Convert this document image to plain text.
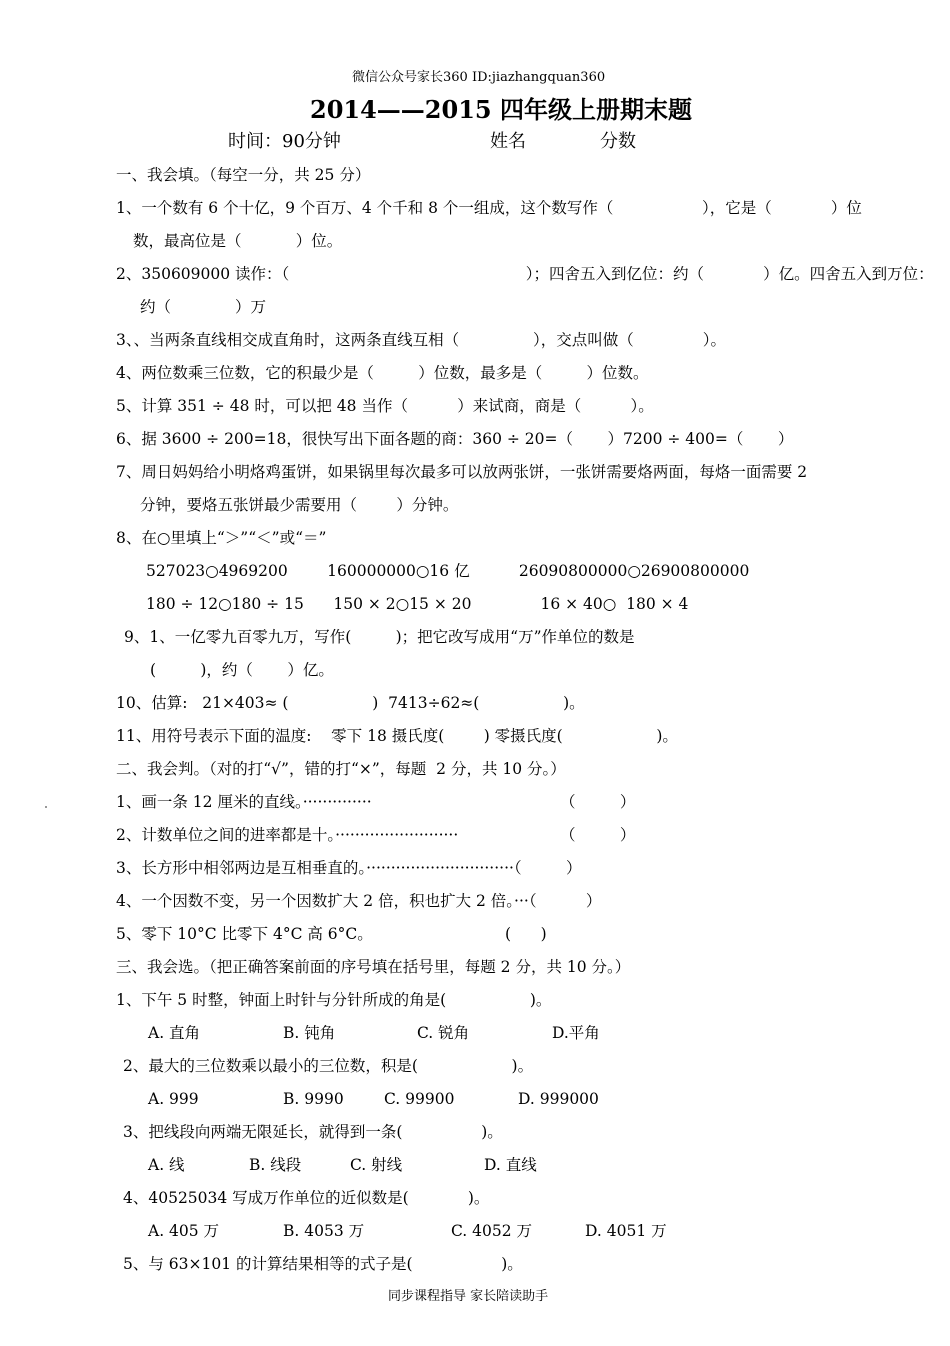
微信公众号家长360 ID:jiazhangquan360
2014——2015 四年级上册期末题
时间：90分钟	姓名	分数
一、我会填。（每空一分，共 25 分）
1、一个数有 6 个十亿，9 个百万、4 个千和 8 个一组成，这个数写作（                  ），它是（            ）位
数，最高位是（           ）位。
2、350609000 读作：（                                                ）；四舍五入到亿位：约（            ）亿。四舍五入到万位：
约（             ）万
3、、当两条直线相交成直角时，这两条直线互相（               ），交点叫做（              ）。
4、两位数乘三位数，它的积最少是（         ）位数，最多是（         ）位数。
5、计算 351 ÷ 48 时，可以把 48 当作（          ）来试商，商是（          ）。
6、据 3600 ÷ 200=18，很快写出下面各题的商：360 ÷ 20=（       ）7200 ÷ 400=（       ）
7、周日妈妈给小明烙鸡蛋饼，如果锅里每次最多可以放两张饼，一张饼需要烙两面，每烙一面需要 2
分钟，要烙五张饼最少需要用（        ）分钟。
8、在○里填上“＞”“＜”或“＝”
527023○4969200        160000000○16 亿          26090800000○26900800000
180 ÷ 12○180 ÷ 15      150 × 2○15 × 20              16 × 40○  180 × 4
9、1、一亿零九百零九万，写作(         )；把它改写成用“万”作单位的数是
(         )，约（       ）亿。
10、估算:   21×403≈ (                 )  7413÷62≈(                 )。
11、用符号表示下面的温度:    零下 18 摄氏度(        ) 零摄氏度(                   )。
二、我会判。（对的打“√”，错的打“×”，每题  2 分，共 10 分。）
1、画一条 12 厘米的直线。··············	（         ）
2、计数单位之间的进率都是十。·························	（         ）
3、长方形中相邻两边是互相垂直的。······························（         ）
4、一个因数不变，另一个因数扩大 2 倍，积也扩大 2 倍。···（          ）
5、零下 10°C 比零下 4°C 高 6°C。	(      )
三、我会选。（把正确答案前面的序号填在括号里，每题 2 分，共 10 分。）
1、下午 5 时整，钟面上时针与分针所成的角是(                 )。
A. 直角	B. 钝角	C. 锐角	D.平角
2、最大的三位数乘以最小的三位数，积是(                   )。
A. 999	B. 9990	C. 99900	D. 999000
3、把线段向两端无限延长，就得到一条(                )。
A. 线	B. 线段	C. 射线	D. 直线
4、40525034 写成万作单位的近似数是(            )。
A. 405 万	B. 4053 万	C. 4052 万	D. 4051 万
5、与 63×101 的计算结果相等的式子是(                  )。
同步课程指导 家长陪读助手
